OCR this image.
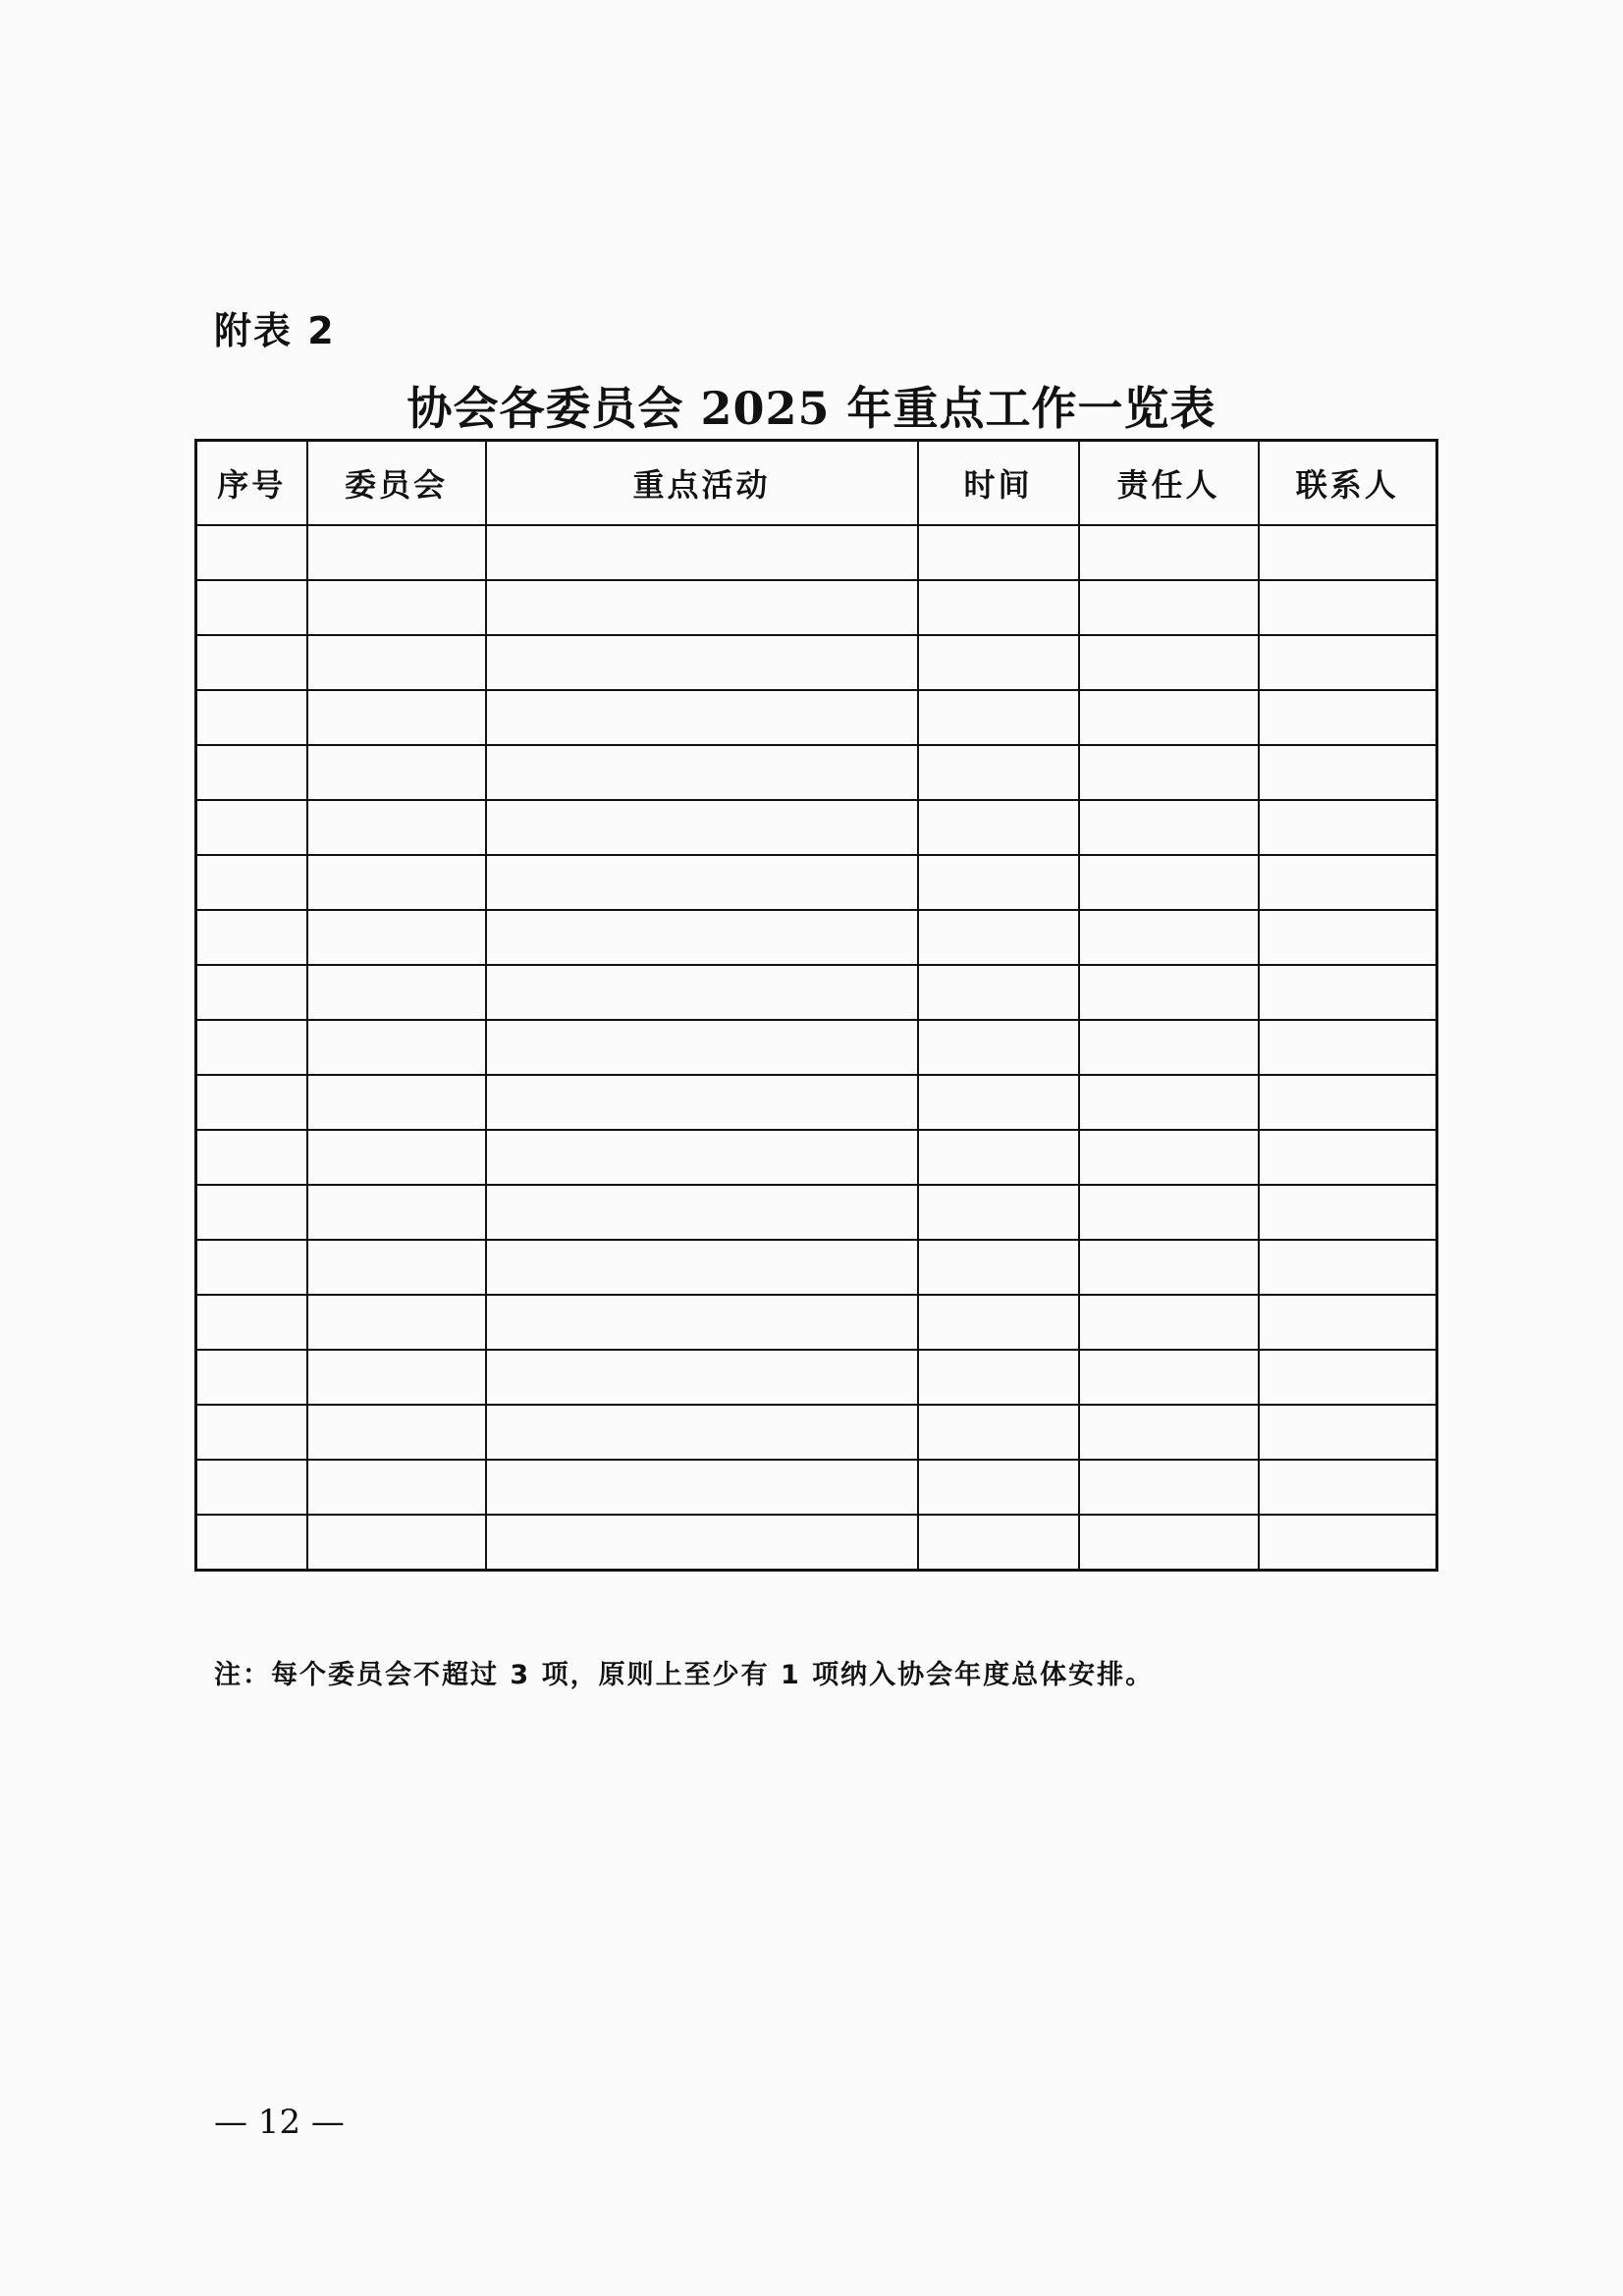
附表 2
协会各委员会 2025 年重点工作一览表
序号	委员会	重点活动	时间	责任人	联系人

注：每个委员会不超过 3 项，原则上至少有 1 项纳入协会年度总体安排。
— 12 —
